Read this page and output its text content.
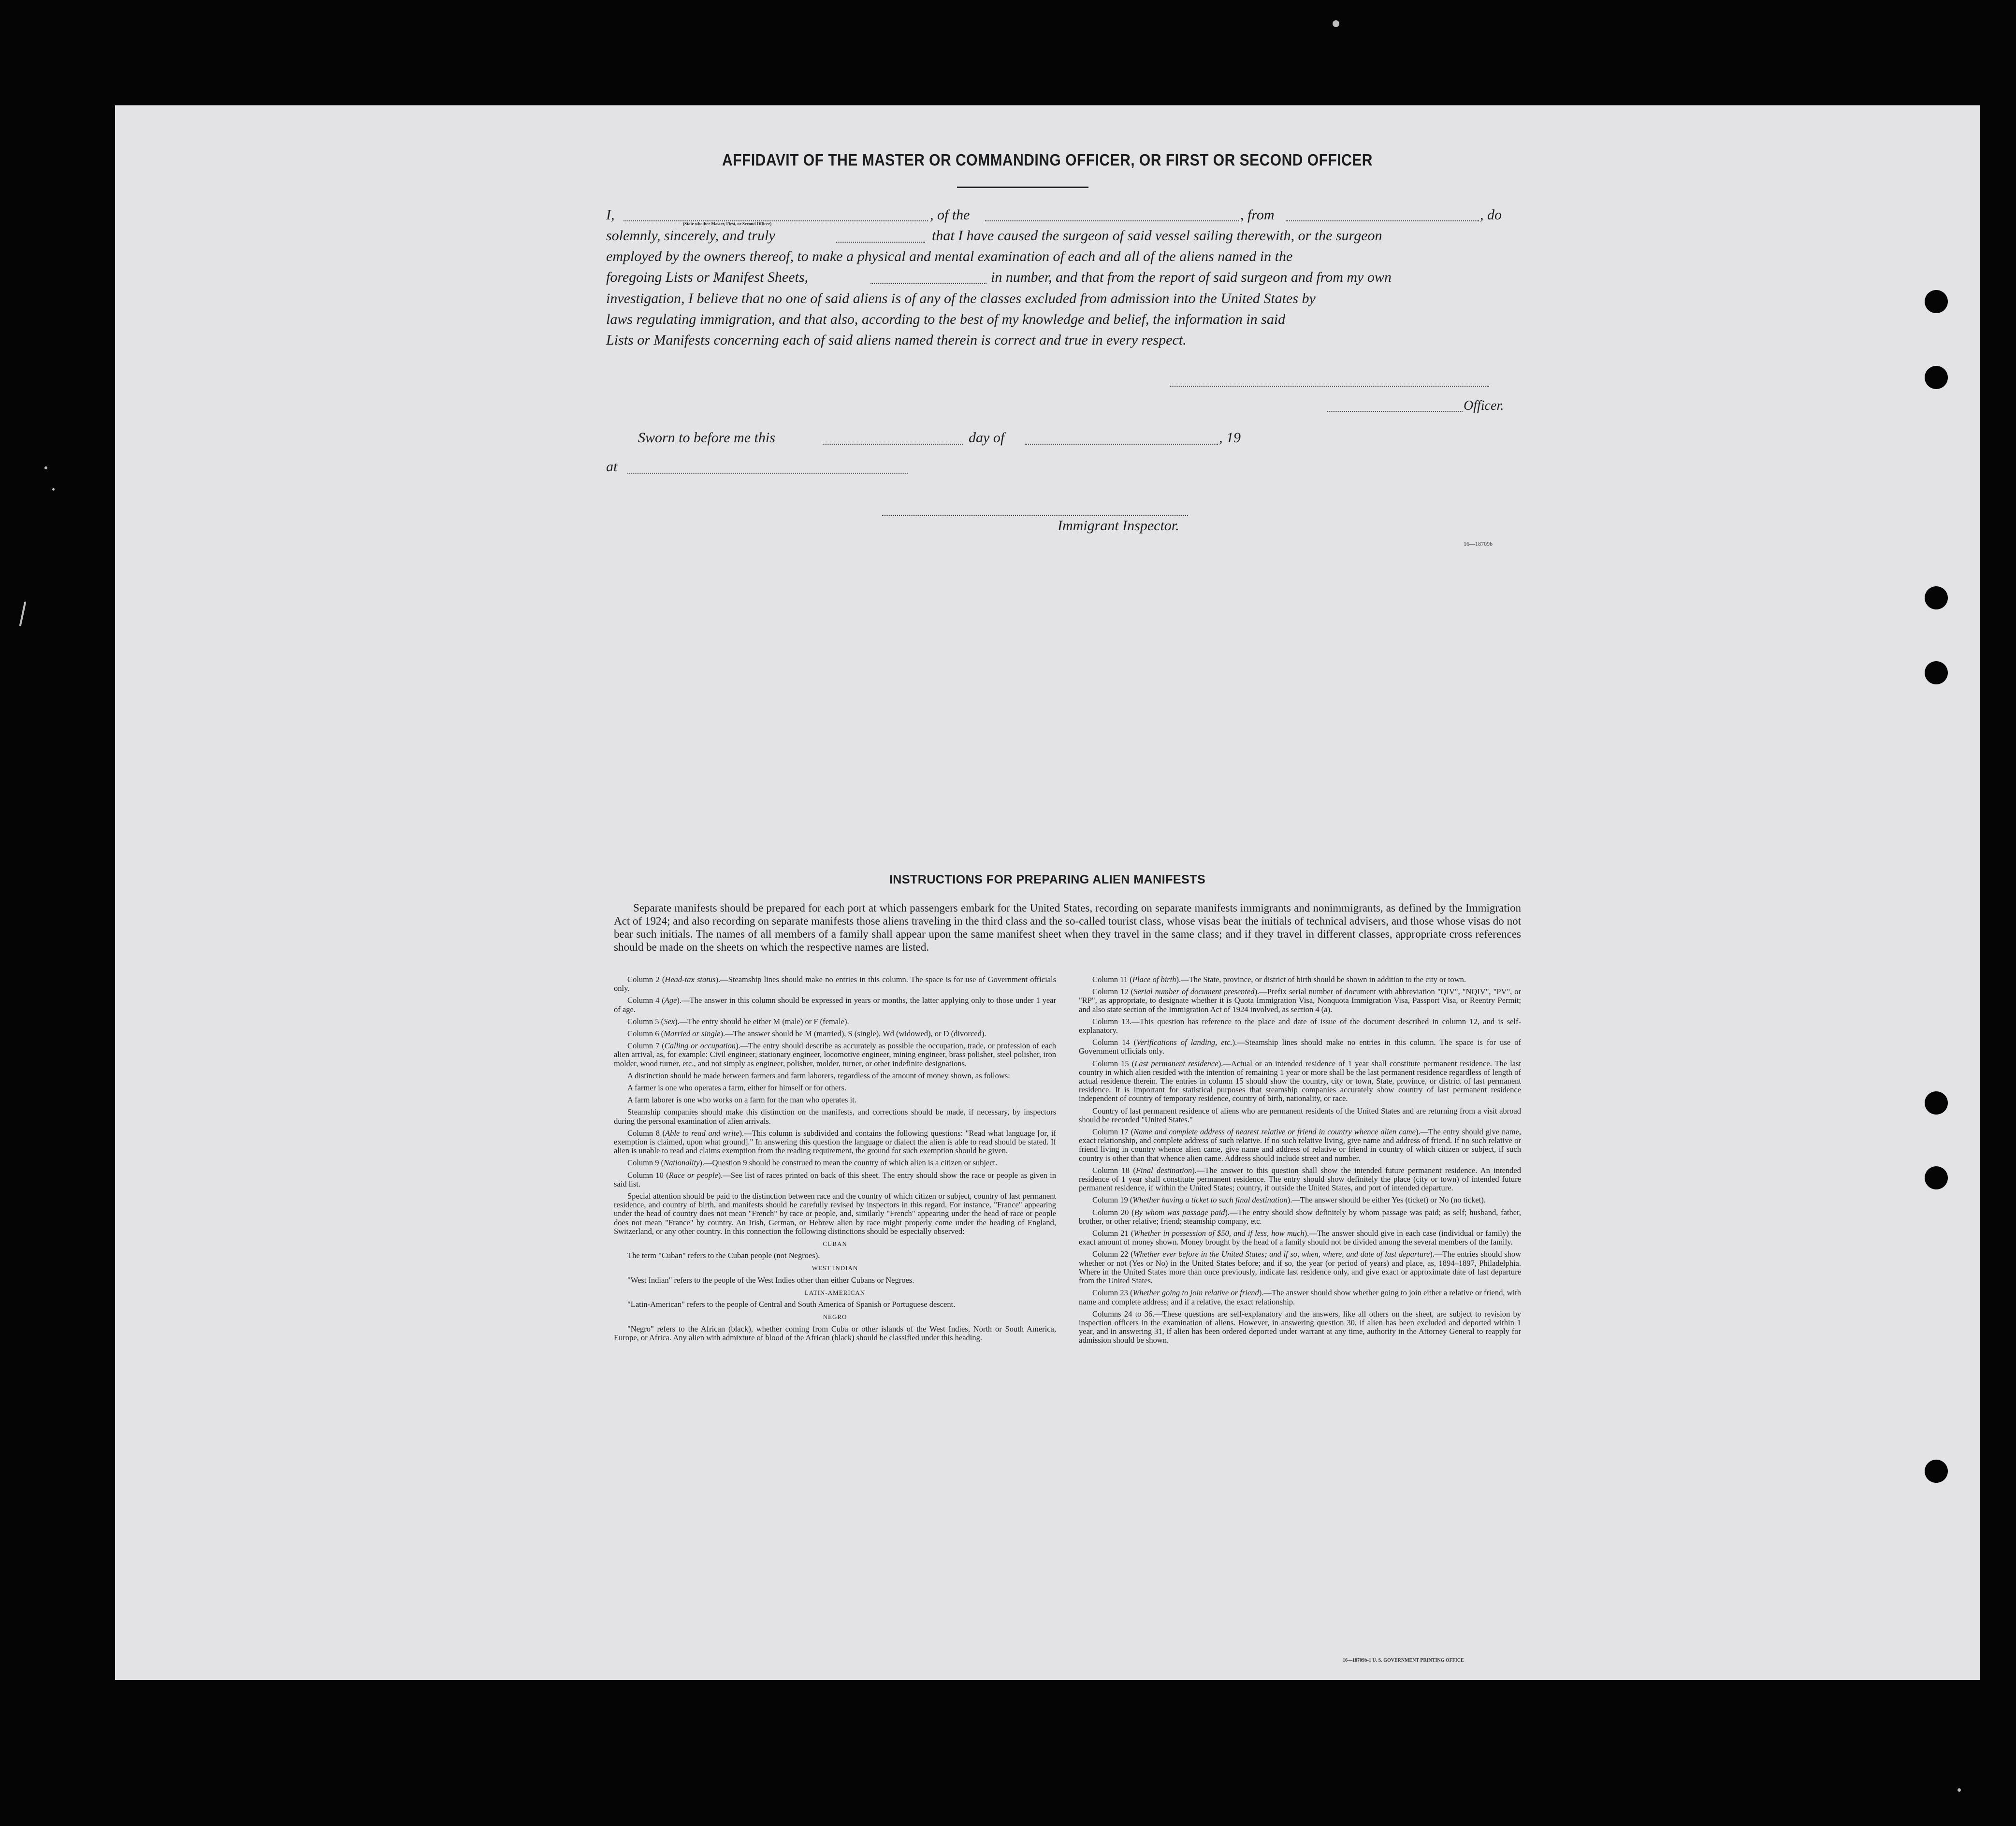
AFFIDAVIT OF THE MASTER OR COMMANDING OFFICER, OR FIRST OR SECOND OFFICER
I,	, of the	, from	, do
(State whether Master, First, or Second Officer)
solemnly, sincerely, and truly	that I have caused the surgeon of said vessel sailing therewith, or the surgeon
employed by the owners thereof, to make a physical and mental examination of each and all of the aliens named in the
foregoing Lists or Manifest Sheets,	in number, and that from the report of said surgeon and from my own
investigation, I believe that no one of said aliens is of any of the classes excluded from admission into the United States by
laws regulating immigration, and that also, according to the best of my knowledge and belief, the information in said
Lists or Manifests concerning each of said aliens named therein is correct and true in every respect.
Officer.
Sworn to before me this	day of	, 19
at
Immigrant Inspector.
16—18709b
INSTRUCTIONS FOR PREPARING ALIEN MANIFESTS
Separate manifests should be prepared for each port at which passengers embark for the United States, recording on separate manifests immigrants and nonimmigrants, as defined by the Immigration Act of 1924; and also recording on separate manifests those aliens traveling in the third class and the so-called tourist class, whose visas bear the initials of technical advisers, and those whose visas do not bear such initials. The names of all members of a family shall appear upon the same manifest sheet when they travel in the same class; and if they travel in different classes, appropriate cross references should be made on the sheets on which the respective names are listed.

Column 2 (Head-tax status).—Steamship lines should make no entries in this column. The space is for use of Government officials only.

Column 4 (Age).—The answer in this column should be expressed in years or months, the latter applying only to those under 1 year of age.

Column 5 (Sex).—The entry should be either M (male) or F (female).

Column 6 (Married or single).—The answer should be M (married), S (single), Wd (widowed), or D (divorced).

Column 7 (Calling or occupation).—The entry should describe as accurately as possible the occupation, trade, or profession of each alien arrival, as, for example: Civil engineer, stationary engineer, locomotive engineer, mining engineer, brass polisher, steel polisher, iron molder, wood turner, etc., and not simply as engineer, polisher, molder, turner, or other indefinite designations.

A distinction should be made between farmers and farm laborers, regardless of the amount of money shown, as follows:

A farmer is one who operates a farm, either for himself or for others.

A farm laborer is one who works on a farm for the man who operates it.

Steamship companies should make this distinction on the manifests, and corrections should be made, if necessary, by inspectors during the personal examination of alien arrivals.

Column 8 (Able to read and write).—This column is subdivided and contains the following questions: "Read what language [or, if exemption is claimed, upon what ground]." In answering this question the language or dialect the alien is able to read should be stated. If alien is unable to read and claims exemption from the reading requirement, the ground for such exemption should be given.

Column 9 (Nationality).—Question 9 should be construed to mean the country of which alien is a citizen or subject.

Column 10 (Race or people).—See list of races printed on back of this sheet. The entry should show the race or people as given in said list.

Special attention should be paid to the distinction between race and the country of which citizen or subject, country of last permanent residence, and country of birth, and manifests should be carefully revised by inspectors in this regard. For instance, "France" appearing under the head of country does not mean "French" by race or people, and, similarly "French" appearing under the head of race or people does not mean "France" by country. An Irish, German, or Hebrew alien by race might properly come under the heading of England, Switzerland, or any other country. In this connection the following distinctions should be especially observed:

CUBAN

The term "Cuban" refers to the Cuban people (not Negroes).

WEST INDIAN

"West Indian" refers to the people of the West Indies other than either Cubans or Negroes.

LATIN-AMERICAN

"Latin-American" refers to the people of Central and South America of Spanish or Portuguese descent.

NEGRO

"Negro" refers to the African (black), whether coming from Cuba or other islands of the West Indies, North or South America, Europe, or Africa. Any alien with admixture of blood of the African (black) should be classified under this heading.

Column 11 (Place of birth).—The State, province, or district of birth should be shown in addition to the city or town.

Column 12 (Serial number of document presented).—Prefix serial number of document with abbreviation "QIV", "NQIV", "PV", or "RP", as appropriate, to designate whether it is Quota Immigration Visa, Nonquota Immigration Visa, Passport Visa, or Reentry Permit; and also state section of the Immigration Act of 1924 involved, as section 4 (a).

Column 13.—This question has reference to the place and date of issue of the document described in column 12, and is self-explanatory.

Column 14 (Verifications of landing, etc.).—Steamship lines should make no entries in this column. The space is for use of Government officials only.

Column 15 (Last permanent residence).—Actual or an intended residence of 1 year shall constitute permanent residence. The last country in which alien resided with the intention of remaining 1 year or more shall be the last permanent residence regardless of length of actual residence therein. The entries in column 15 should show the country, city or town, State, province, or district of last permanent residence. It is important for statistical purposes that steamship companies accurately show country of last permanent residence independent of country of temporary residence, country of birth, nationality, or race.

Country of last permanent residence of aliens who are permanent residents of the United States and are returning from a visit abroad should be recorded "United States."

Column 17 (Name and complete address of nearest relative or friend in country whence alien came).—The entry should give name, exact relationship, and complete address of such relative. If no such relative living, give name and address of friend. If no such relative or friend living in country whence alien came, give name and address of relative or friend in country of which citizen or subject, if such country is other than that whence alien came. Address should include street and number.

Column 18 (Final destination).—The answer to this question shall show the intended future permanent residence. An intended residence of 1 year shall constitute permanent residence. The entry should show definitely the place (city or town) of intended future permanent residence, if within the United States; country, if outside the United States, and port of intended departure.

Column 19 (Whether having a ticket to such final destination).—The answer should be either Yes (ticket) or No (no ticket).

Column 20 (By whom was passage paid).—The entry should show definitely by whom passage was paid; as self; husband, father, brother, or other relative; friend; steamship company, etc.

Column 21 (Whether in possession of $50, and if less, how much).—The answer should give in each case (individual or family) the exact amount of money shown. Money brought by the head of a family should not be divided among the several members of the family.

Column 22 (Whether ever before in the United States; and if so, when, where, and date of last departure).—The entries should show whether or not (Yes or No) in the United States before; and if so, the year (or period of years) and place, as, 1894–1897, Philadelphia. Where in the United States more than once previously, indicate last residence only, and give exact or approximate date of last departure from the United States.

Column 23 (Whether going to join relative or friend).—The answer should show whether going to join either a relative or friend, with name and complete address; and if a relative, the exact relationship.

Columns 24 to 36.—These questions are self-explanatory and the answers, like all others on the sheet, are subject to revision by inspection officers in the examination of aliens. However, in answering question 30, if alien has been excluded and deported within 1 year, and in answering 31, if alien has been ordered deported under warrant at any time, authority in the Attorney General to reapply for admission should be shown.

16—18709b-1 U. S. GOVERNMENT PRINTING OFFICE
